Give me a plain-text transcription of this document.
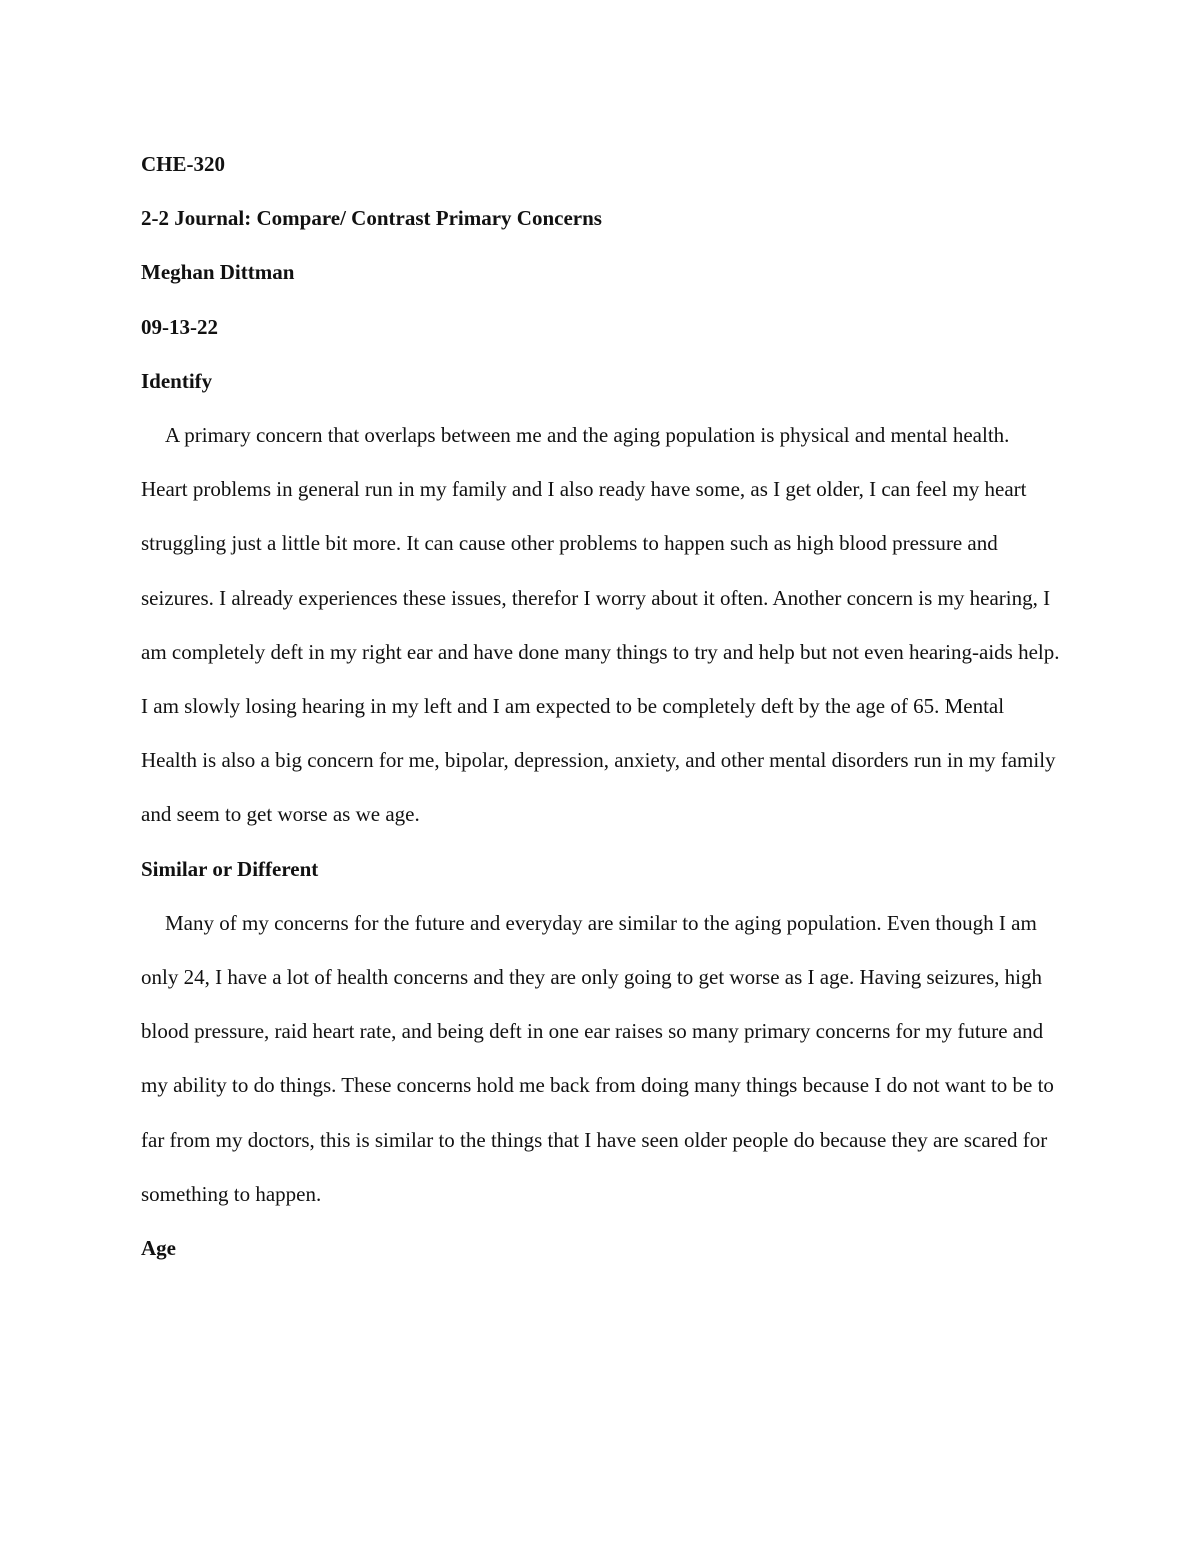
CHE-320

2-2 Journal: Compare/ Contrast Primary Concerns

Meghan Dittman

09-13-22

Identify

A primary concern that overlaps between me and the aging population is physical and mental health. Heart problems in general run in my family and I also ready have some, as I get older, I can feel my heart struggling just a little bit more. It can cause other problems to happen such as high blood pressure and seizures. I already experiences these issues, therefor I worry about it often. Another concern is my hearing, I am completely deft in my right ear and have done many things to try and help but not even hearing-aids help. I am slowly losing hearing in my left and I am expected to be completely deft by the age of 65. Mental Health is also a big concern for me, bipolar, depression, anxiety, and other mental disorders run in my family and seem to get worse as we age.

Similar or Different

Many of my concerns for the future and everyday are similar to the aging population. Even though I am only 24, I have a lot of health concerns and they are only going to get worse as I age. Having seizures, high blood pressure, raid heart rate, and being deft in one ear raises so many primary concerns for my future and my ability to do things. These concerns hold me back from doing many things because I do not want to be to far from my doctors, this is similar to the things that I have seen older people do because they are scared for something to happen.

Age
